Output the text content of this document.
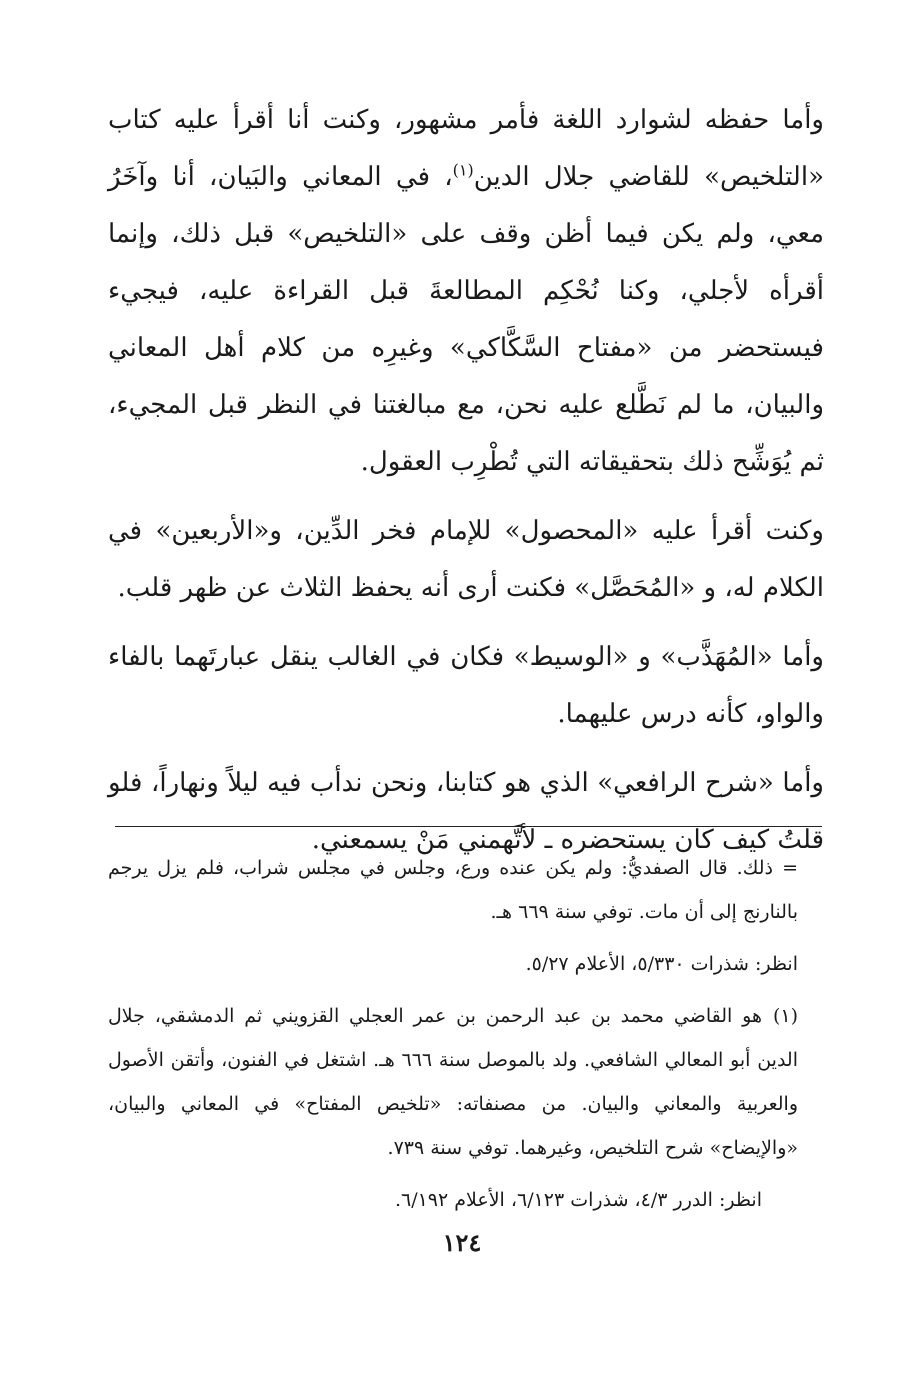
وأما حفظه لشوارد اللغة فأمر مشهور، وكنت أنا أقرأ عليه كتاب «التلخيص» للقاضي جلال الدين$^{(١)}$، في المعاني والبَيان، أنا وآخَرُ معي، ولم يكن فيما أظن وقف على «التلخيص» قبل ذلك، وإنما أقرأه لأجلي، وكنا نُحْكِم المطالعةَ قبل القراءة عليه، فيجيء فيستحضر من «مفتاح السَّكَّاكي» وغيرِه من كلام أهل المعاني والبيان، ما لم نَطَّلع عليه نحن، مع مبالغتنا في النظر قبل المجيء، ثم يُوَشِّح ذلك بتحقيقاته التي تُطْرِب العقول.

وكنت أقرأ عليه «المحصول» للإمام فخر الدِّين، و«الأربعين» في الكلام له، و «المُحَصَّل» فكنت أرى أنه يحفظ الثلاث عن ظهر قلب.

وأما «المُهَذَّب» و «الوسيط» فكان في الغالب ينقل عبارتَهما بالفاء والواو، كأنه درس عليهما.

وأما «شرح الرافعي» الذي هو كتابنا، ونحن ندأب فيه ليلاً ونهاراً، فلو قلتُ كيف كان يستحضره ـ لأتَّهمني مَنْ يسمعني.

= ذلك. قال الصفديُّ: ولم يكن عنده ورع، وجلس في مجلس شراب، فلم يزل يرجم بالنارنج إلى أن مات. توفي سنة ٦٦٩ هـ.

انظر: شذرات ٥/٣٣٠، الأعلام ٥/٢٧.

(١)هو القاضي محمد بن عبد الرحمن بن عمر العجلي القزويني ثم الدمشقي، جلال الدين أبو المعالي الشافعي. ولد بالموصل سنة ٦٦٦ هـ. اشتغل في الفنون، وأتقن الأصول والعربية والمعاني والبيان. من مصنفاته: «تلخيص المفتاح» في المعاني والبيان، «والإيضاح» شرح التلخيص، وغيرهما. توفي سنة ٧٣٩.

انظر: الدرر ٤/٣، شذرات ٦/١٢٣، الأعلام ٦/١٩٢.

١٢٤
